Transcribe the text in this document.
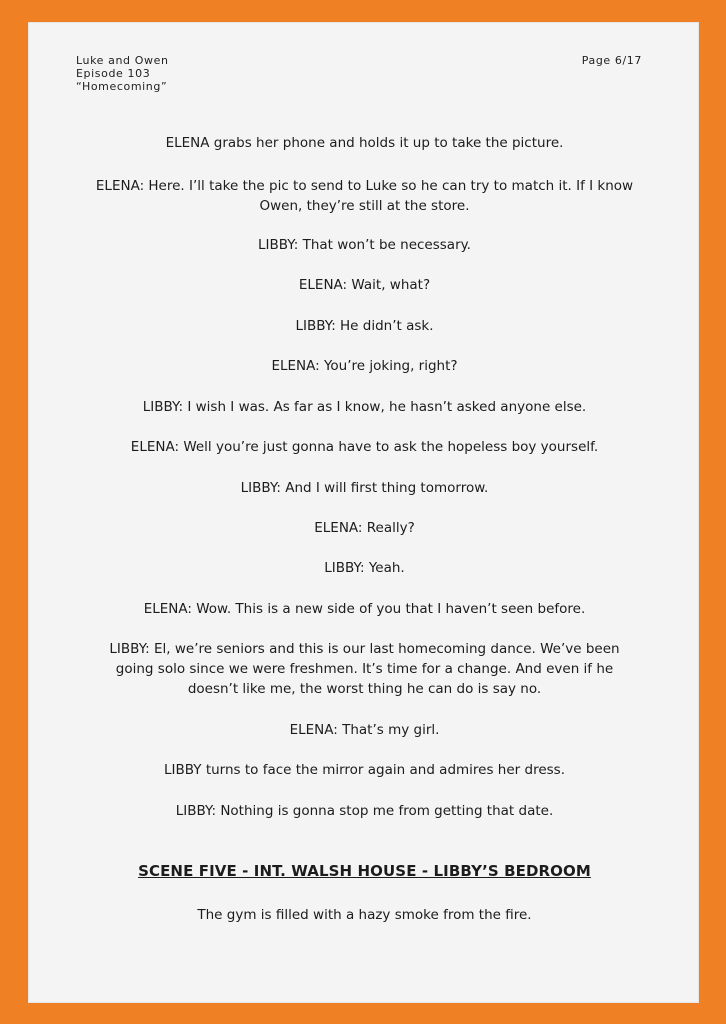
Luke and Owen
Episode 103
“Homecoming”
Page 6/17
ELENA grabs her phone and holds it up to take the picture.
ELENA: Here. I’ll take the pic to send to Luke so he can try to match it. If I know Owen, they’re still at the store.
LIBBY: That won’t be necessary.
ELENA: Wait, what?
LIBBY: He didn’t ask.
ELENA: You’re joking, right?
LIBBY: I wish I was. As far as I know, he hasn’t asked anyone else.
ELENA: Well you’re just gonna have to ask the hopeless boy yourself.
LIBBY: And I will first thing tomorrow.
ELENA: Really?
LIBBY: Yeah.
ELENA: Wow. This is a new side of you that I haven’t seen before.
LIBBY: El, we’re seniors and this is our last homecoming dance. We’ve been going solo since we were freshmen. It’s time for a change. And even if he doesn’t like me, the worst thing he can do is say no.
ELENA: That’s my girl.
LIBBY turns to face the mirror again and admires her dress.
LIBBY: Nothing is gonna stop me from getting that date.
SCENE FIVE - INT. WALSH HOUSE - LIBBY’S BEDROOM
The gym is filled with a hazy smoke from the fire.
